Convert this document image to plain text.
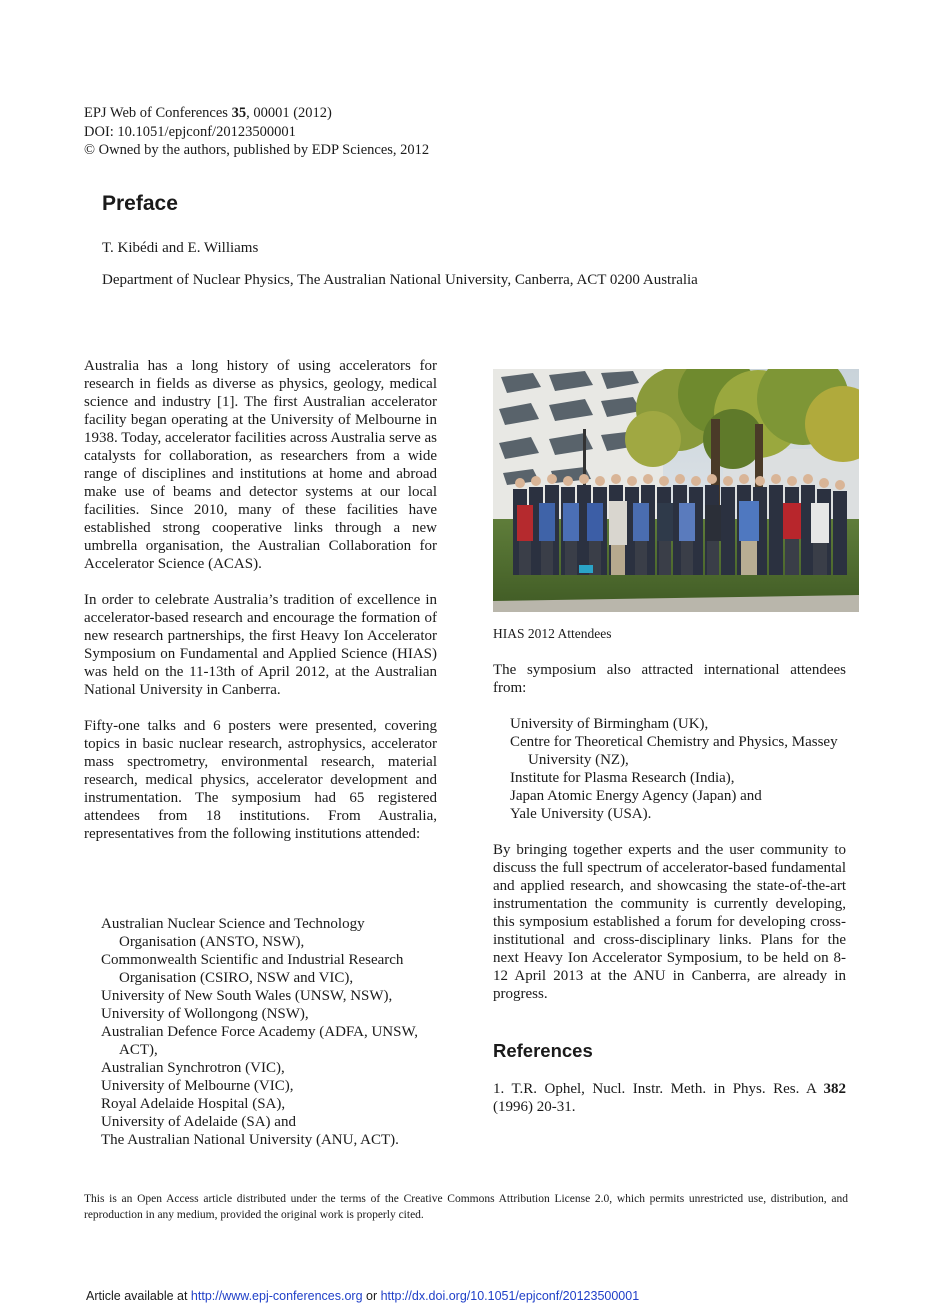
EPJ Web of Conferences 35, 00001 (2012)
DOI: 10.1051/epjconf/20123500001
© Owned by the authors, published by EDP Sciences, 2012
Preface
T. Kibédi and E. Williams
Department of Nuclear Physics, The Australian National University, Canberra, ACT 0200 Australia

Australia has a long history of using accelerators for research in fields as diverse as physics, geology, medical science and industry [1]. The first Australian accelerator facility began operating at the University of Melbourne in 1938. Today, accelerator facilities across Australia serve as catalysts for collaboration, as researchers from a wide range of disciplines and institutions at home and abroad make use of beams and detector systems at our local facilities. Since 2010, many of these facilities have established strong cooperative links through a new umbrella organisation, the Australian Collaboration for Accelerator Science (ACAS).

In order to celebrate Australia’s tradition of excellence in accelerator-based research and encourage the formation of new research partnerships, the first Heavy Ion Accelerator Symposium on Fundamental and Applied Science (HIAS) was held on the 11-13th of April 2012, at the Australian National University in Canberra.

Fifty-one talks and 6 posters were presented, covering topics in basic nuclear research, astrophysics, accelerator mass spectrometry, environmental research, material research, medical physics, accelerator development and instrumentation. The symposium had 65 registered attendees from 18 institutions. From Australia, representatives from the following institutions attended:

Australian Nuclear Science and Technology Organisation (ANSTO, NSW),
Commonwealth Scientific and Industrial Research Organisation (CSIRO, NSW and VIC),
University of New South Wales (UNSW, NSW),
University of Wollongong (NSW),
Australian Defence Force Academy (ADFA, UNSW, ACT),
Australian Synchrotron (VIC),
University of Melbourne (VIC),
Royal Adelaide Hospital (SA),
University of Adelaide (SA) and
The Australian National University (ANU, ACT).
HIAS 2012 Attendees

The symposium also attracted international attendees from:

University of Birmingham (UK),
Centre for Theoretical Chemistry and Physics, Massey University (NZ),
Institute for Plasma Research (India),
Japan Atomic Energy Agency (Japan) and
Yale University (USA).

By bringing together experts and the user community to discuss the full spectrum of accelerator-based fundamental and applied research, and showcasing the state-of-the-art instrumentation the community is currently developing, this symposium established a forum for developing cross-institutional and cross-disciplinary links. Plans for the next Heavy Ion Accelerator Symposium, to be held on 8-12 April 2013 at the ANU in Canberra, are already in progress.

References
1. T.R. Ophel, Nucl. Instr. Meth. in Phys. Res. A 382 (1996) 20-31.
This is an Open Access article distributed under the terms of the Creative Commons Attribution License 2.0, which permits unrestricted use, distribution, and reproduction in any medium, provided the original work is properly cited.
Article available at http://www.epj-conferences.org or http://dx.doi.org/10.1051/epjconf/20123500001
